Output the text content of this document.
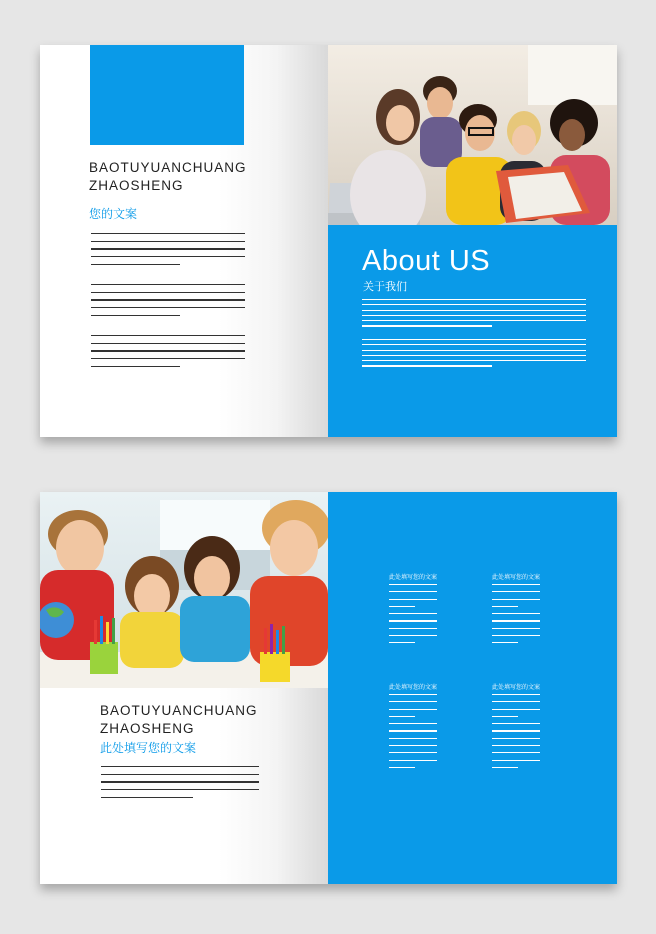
BAOTUYUANCHUANG
ZHAOSHENG

您的文案

About US

关于我们

BAOTUYUANCHUANG
ZHAOSHENG

此处填写您的文案

此处填写您的文案	此处填写您的文案

此处填写您的文案	此处填写您的文案
